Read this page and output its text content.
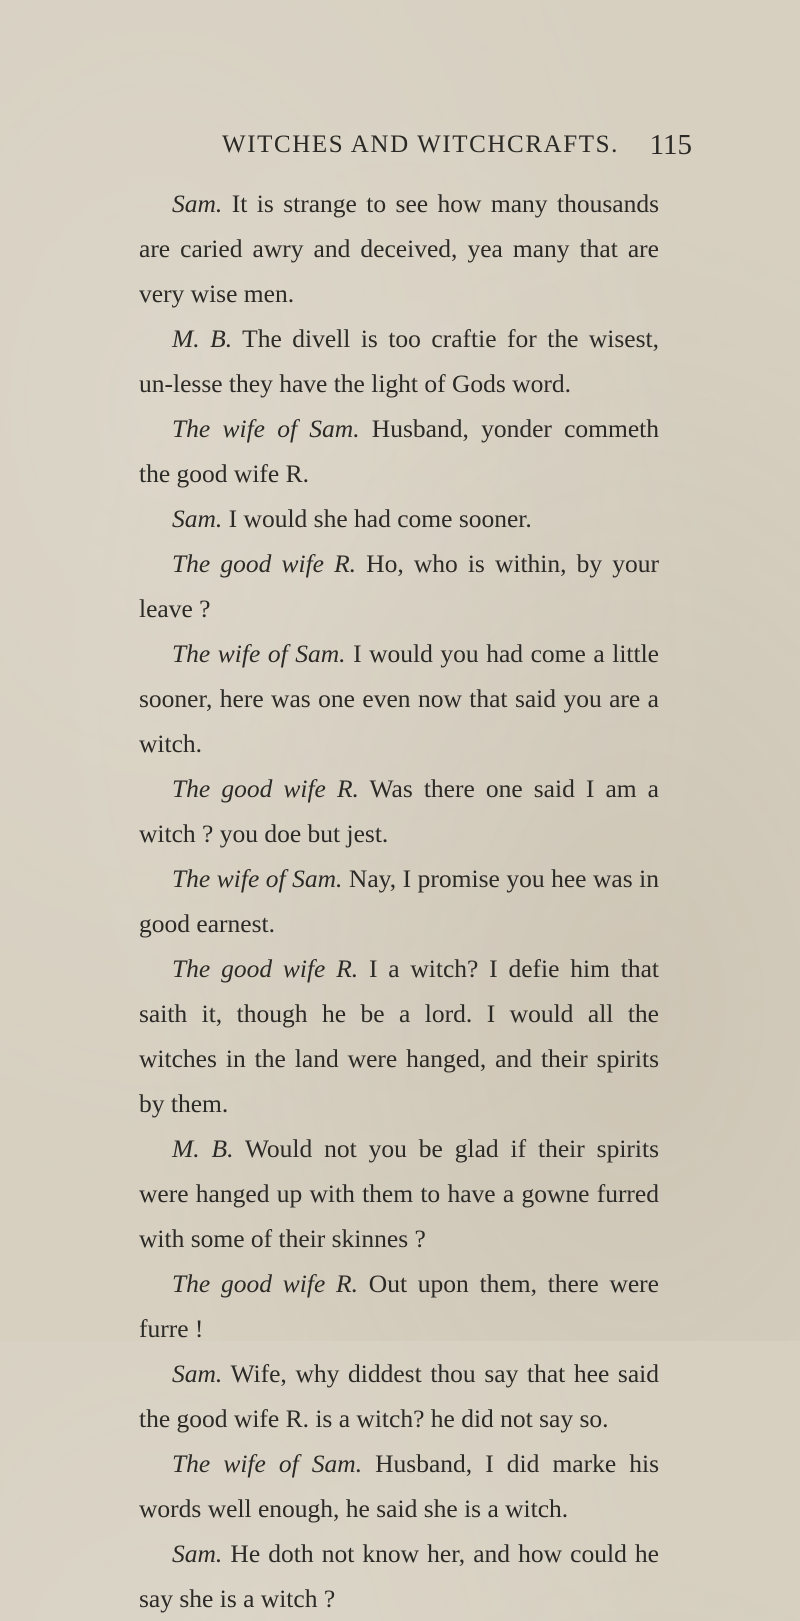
WITCHES AND WITCHCRAFTS. 115

Sam. It is strange to see how many thousands are caried awry and deceived, yea many that are very wise men.

M. B. The divell is too craftie for the wisest, un-lesse they have the light of Gods word.

The wife of Sam. Husband, yonder commeth the good wife R.

Sam. I would she had come sooner.

The good wife R. Ho, who is within, by your leave ?

The wife of Sam. I would you had come a little sooner, here was one even now that said you are a witch.

The good wife R. Was there one said I am a witch ? you doe but jest.

The wife of Sam. Nay, I promise you hee was in good earnest.

The good wife R. I a witch? I defie him that saith it, though he be a lord. I would all the witches in the land were hanged, and their spirits by them.

M. B. Would not you be glad if their spirits were hanged up with them to have a gowne furred with some of their skinnes ?

The good wife R. Out upon them, there were furre !

Sam. Wife, why diddest thou say that hee said the good wife R. is a witch? he did not say so.

The wife of Sam. Husband, I did marke his words well enough, he said she is a witch.

Sam. He doth not know her, and how could he say she is a witch ?
